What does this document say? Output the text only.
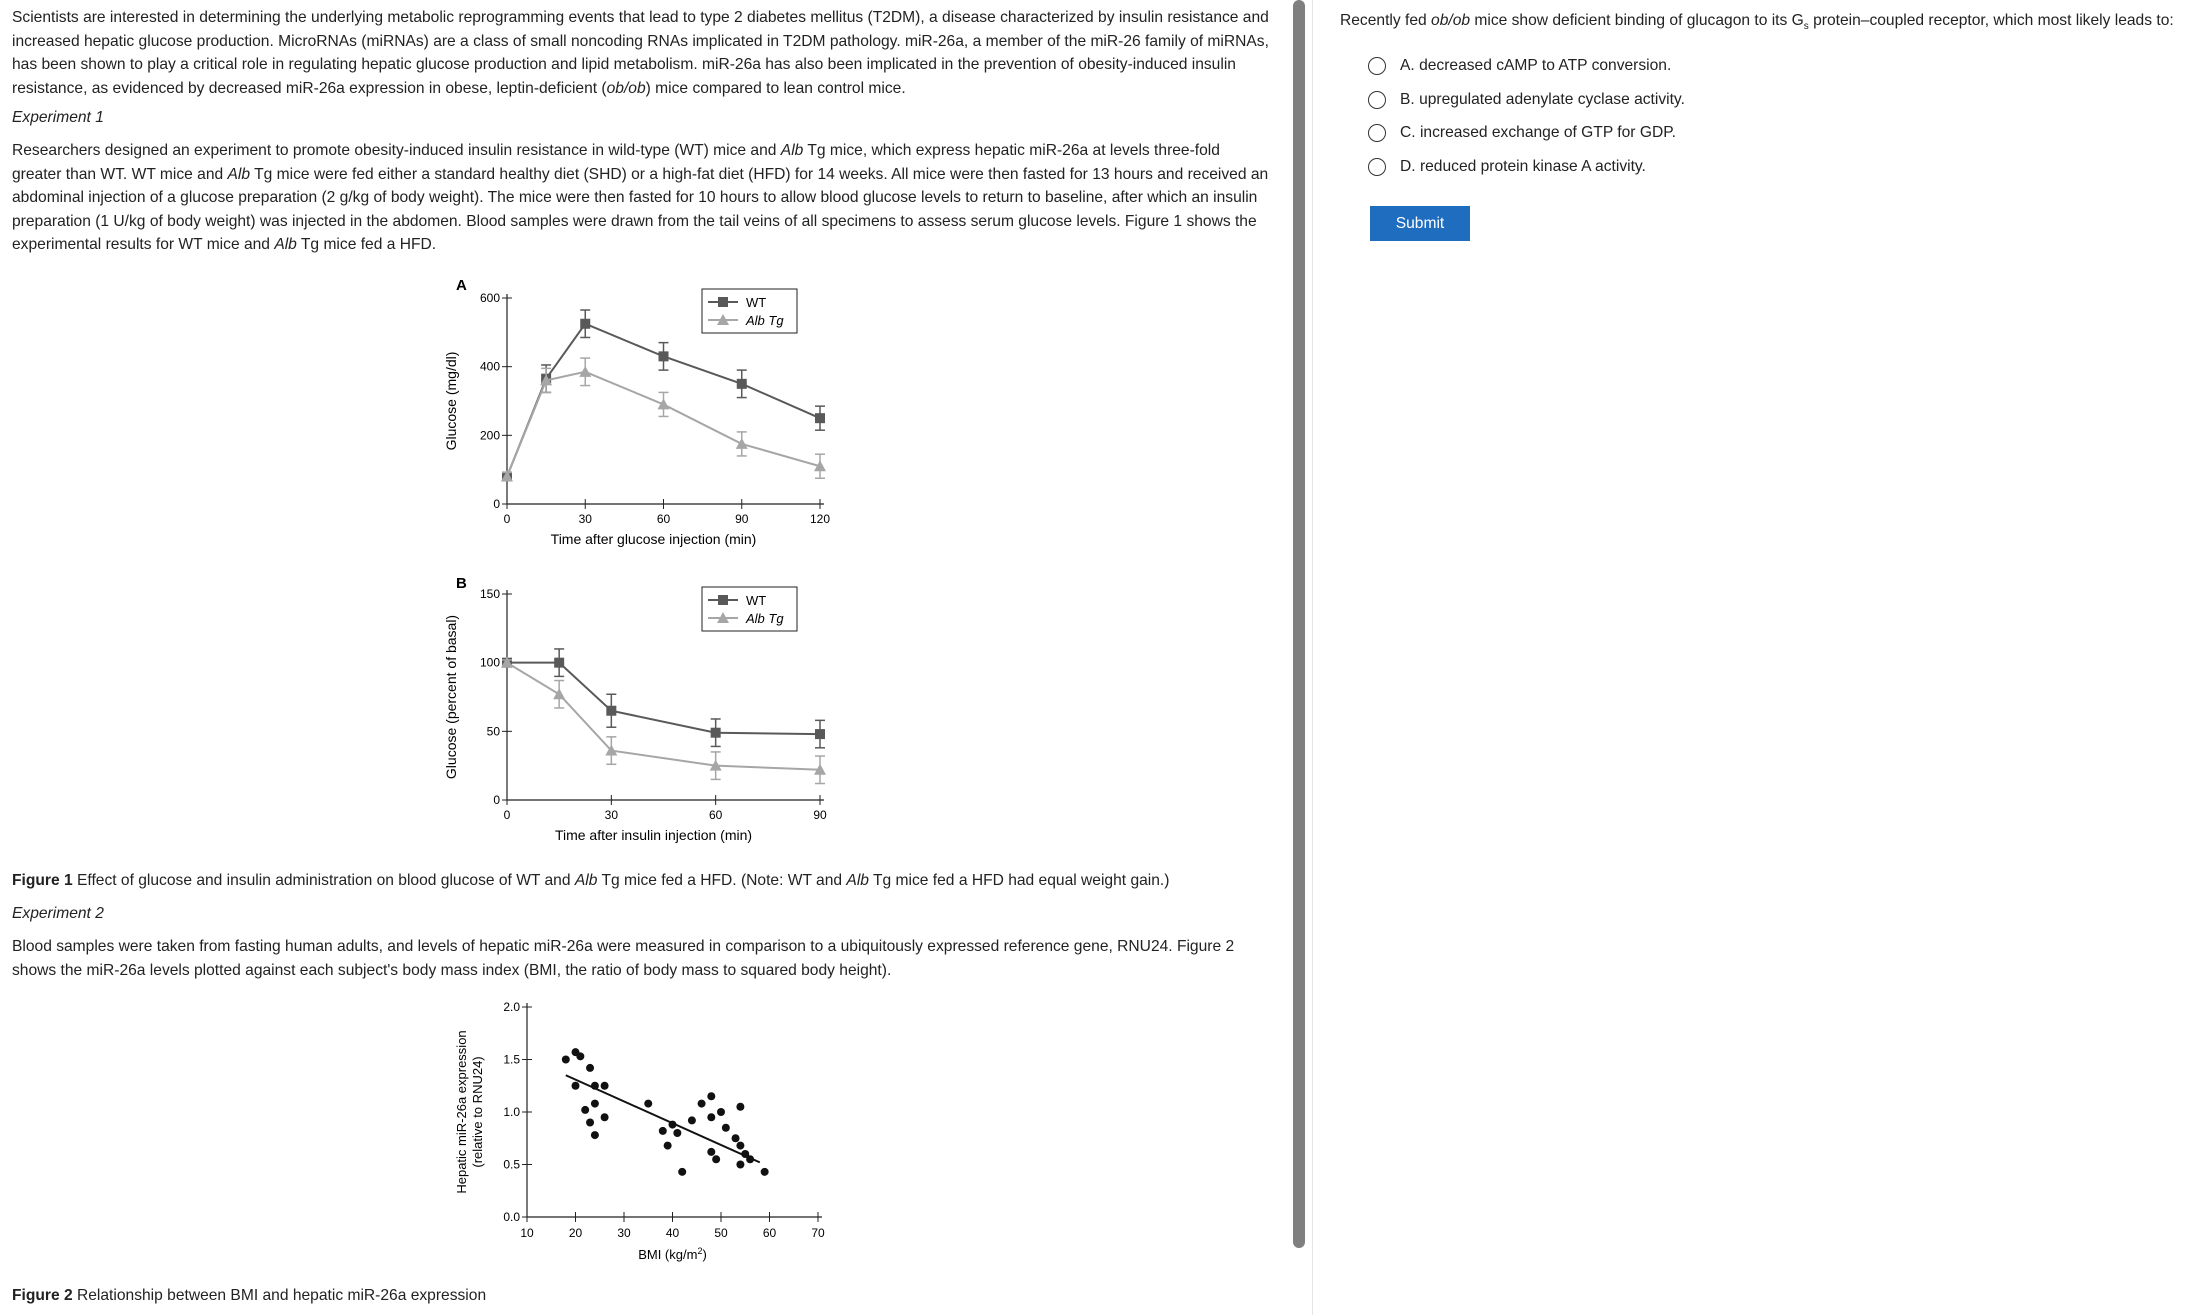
Scientists are interested in determining the underlying metabolic reprogramming events that lead to type 2 diabetes mellitus (T2DM), a disease characterized by insulin resistance and increased hepatic glucose production. MicroRNAs (miRNAs) are a class of small noncoding RNAs implicated in T2DM pathology. miR-26a, a member of the miR-26 family of miRNAs, has been shown to play a critical role in regulating hepatic glucose production and lipid metabolism. miR-26a has also been implicated in the prevention of obesity-induced insulin resistance, as evidenced by decreased miR-26a expression in obese, leptin-deficient (ob/ob) mice compared to lean control mice.

Experiment 1

Researchers designed an experiment to promote obesity-induced insulin resistance in wild-type (WT) mice and Alb Tg mice, which express hepatic miR-26a at levels three-fold greater than WT. WT mice and Alb Tg mice were fed either a standard healthy diet (SHD) or a high-fat diet (HFD) for 14 weeks. All mice were then fasted for 13 hours and received an abdominal injection of a glucose preparation (2 g/kg of body weight). The mice were then fasted for 10 hours to allow blood glucose levels to return to baseline, after which an insulin preparation (1 U/kg of body weight) was injected in the abdomen. Blood samples were drawn from the tail veins of all specimens to assess serum glucose levels. Figure 1 shows the experimental results for WT mice and Alb Tg mice fed a HFD.

A
0
200
400
600
0	30	60	90	120
Time after glucose injection (min)
Glucose (mg/dl)
WT
Alb Tg
B
0
50
100
150
0	30	60	90
Time after insulin injection (min)
Glucose (percent of basal)
WT
Alb Tg
Figure 1 Effect of glucose and insulin administration on blood glucose of WT and Alb Tg mice fed a HFD. (Note: WT and Alb Tg mice fed a HFD had equal weight gain.)

Experiment 2

Blood samples were taken from fasting human adults, and levels of hepatic miR-26a were measured in comparison to a ubiquitously expressed reference gene, RNU24. Figure 2 shows the miR-26a levels plotted against each subject's body mass index (BMI, the ratio of body mass to squared body height).

0.0
0.5
1.0
1.5
2.0
10	20	30	40	50	60	70
BMI $(kg/m^2)$
Hepatic miR-26a expression (relative to RNU24)
Figure 2 Relationship between BMI and hepatic miR-26a expression
Recently fed ob/ob mice show deficient binding of glucagon to its $G_s$ protein–coupled receptor, which most likely leads to:
A.
decreased cAMP to ATP conversion.
B.
upregulated adenylate cyclase activity.
C.
increased exchange of GTP for GDP.
D.
reduced protein kinase A activity.
Submit
